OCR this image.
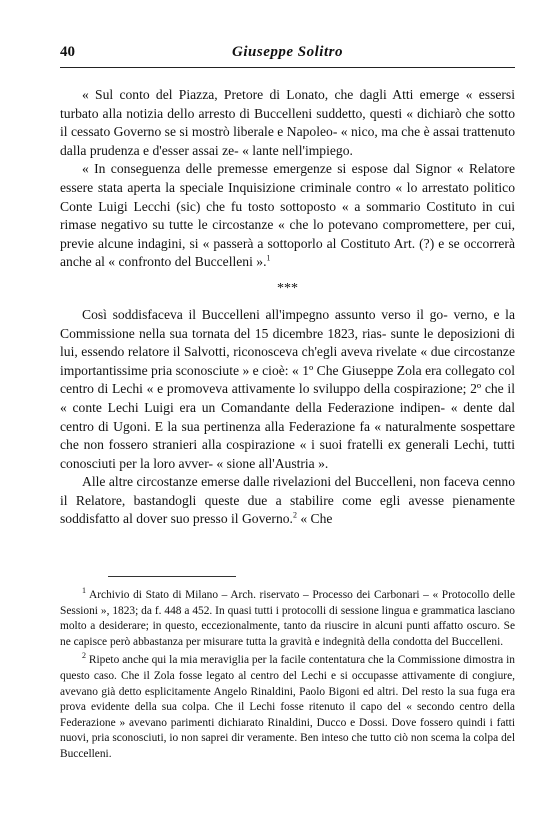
40	Giuseppe Solitro

« Sul conto del Piazza, Pretore di Lonato, che dagli Atti emerge « essersi turbato alla notizia dello arresto di Buccelleni suddetto, questi « dichiarò che sotto il cessato Governo se si mostrò liberale e Napoleo- « nico, ma che è assai trattenuto dalla prudenza e d'esser assai ze- « lante nell'impiego.

« In conseguenza delle premesse emergenze si espose dal Signor « Relatore essere stata aperta la speciale Inquisizione criminale contro « lo arrestato politico Conte Luigi Lecchi (sic) che fu tosto sottoposto « a sommario Costituto in cui rimase negativo su tutte le circostanze « che lo potevano compromettere, per cui, previe alcune indagini, si « passerà a sottoporlo al Costituto Art. (?) e se occorrerà anche al « confronto del Buccelleni ».$^1$

***

Così soddisfaceva il Buccelleni all'impegno assunto verso il go- verno, e la Commissione nella sua tornata del 15 dicembre 1823, rias- sunte le deposizioni di lui, essendo relatore il Salvotti, riconosceva ch'egli aveva rivelate « due circostanze importantissime pria sconosciute » e cioè: « 1º Che Giuseppe Zola era collegato col centro di Lechi « e promoveva attivamente lo sviluppo della cospirazione; 2º che il « conte Lechi Luigi era un Comandante della Federazione indipen- « dente dal centro di Ugoni. E la sua pertinenza alla Federazione fa « naturalmente sospettare che non fossero stranieri alla cospirazione « i suoi fratelli ex generali Lechi, tutti conosciuti per la loro avver- « sione all'Austria ».

Alle altre circostanze emerse dalle rivelazioni del Buccelleni, non faceva cenno il Relatore, bastandogli queste due a stabilire come egli avesse pienamente soddisfatto al dover suo presso il Governo.$^2$ « Che

$^1$ Archivio di Stato di Milano – Arch. riservato – Processo dei Carbonari – « Protocollo delle Sessioni », 1823; da f. 448 a 452. In quasi tutti i protocolli di sessione lingua e grammatica lasciano molto a desiderare; in questo, eccezionalmente, tanto da riuscire in alcuni punti affatto oscuro. Se ne capisce però abbastanza per misurare tutta la gravità e indegnità della condotta del Buccelleni.

$^2$ Ripeto anche qui la mia meraviglia per la facile contentatura che la Commissione dimostra in questo caso. Che il Zola fosse legato al centro del Lechi e si occupasse attivamente di congiure, avevano già detto esplicitamente Angelo Rinaldini, Paolo Bigoni ed altri. Del resto la sua fuga era prova evidente della sua colpa. Che il Lechi fosse ritenuto il capo del « secondo centro della Federazione » avevano parimenti dichiarato Rinaldini, Ducco e Dossi. Dove fossero quindi i fatti nuovi, pria sconosciuti, io non saprei dir veramente. Ben inteso che tutto ciò non scema la colpa del Buccelleni.
